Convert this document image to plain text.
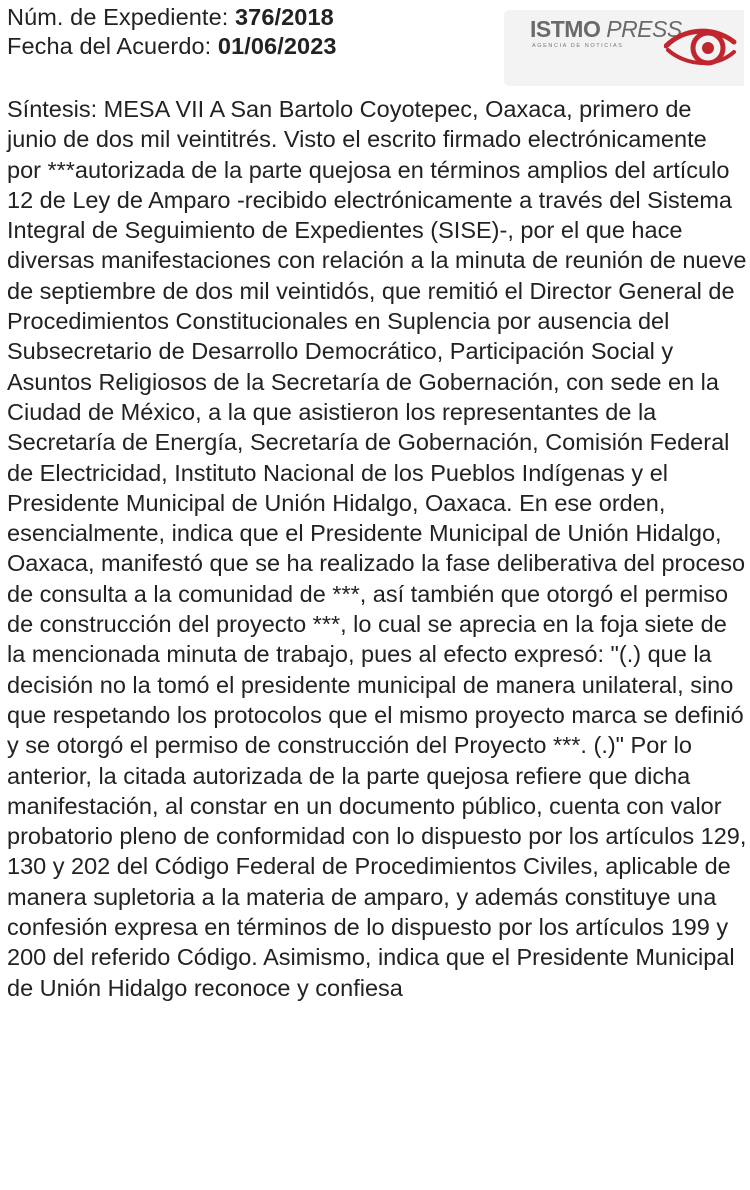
Núm. de Expediente: 376/2018
Fecha del Acuerdo: 01/06/2023
ISTMO PRESS
AGENCIA DE NOTICIAS

Síntesis: MESA VII A San Bartolo Coyotepec, Oaxaca, primero de junio de dos mil veintitrés. Visto el escrito firmado electrónicamente por ***autorizada de la parte quejosa en términos amplios del artículo 12 de Ley de Amparo -recibido electrónicamente a través del Sistema Integral de Seguimiento de Expedientes (SISE)-, por el que hace diversas manifestaciones con relación a la minuta de reunión de nueve de septiembre de dos mil veintidós, que remitió el Director General de Procedimientos Constitucionales en Suplencia por ausencia del Subsecretario de Desarrollo Democrático, Participación Social y Asuntos Religiosos de la Secretaría de Gobernación, con sede en la Ciudad de México, a la que asistieron los representantes de la Secretaría de Energía, Secretaría de Gobernación, Comisión Federal de Electricidad, Instituto Nacional de los Pueblos Indígenas y el Presidente Municipal de Unión Hidalgo, Oaxaca. En ese orden, esencialmente, indica que el Presidente Municipal de Unión Hidalgo, Oaxaca, manifestó que se ha realizado la fase deliberativa del proceso de consulta a la comunidad de ***, así también que otorgó el permiso de construcción del proyecto ***, lo cual se aprecia en la foja siete de la mencionada minuta de trabajo, pues al efecto expresó: "(.) que la decisión no la tomó el presidente municipal de manera unilateral, sino que respetando los protocolos que el mismo proyecto marca se definió y se otorgó el permiso de construcción del Proyecto ***. (.)" Por lo anterior, la citada autorizada de la parte quejosa refiere que dicha manifestación, al constar en un documento público, cuenta con valor probatorio pleno de conformidad con lo dispuesto por los artículos 129, 130 y 202 del Código Federal de Procedimientos Civiles, aplicable de manera supletoria a la materia de amparo, y además constituye una confesión expresa en términos de lo dispuesto por los artículos 199 y 200 del referido Código. Asimismo, indica que el Presidente Municipal de Unión Hidalgo reconoce y confiesa
